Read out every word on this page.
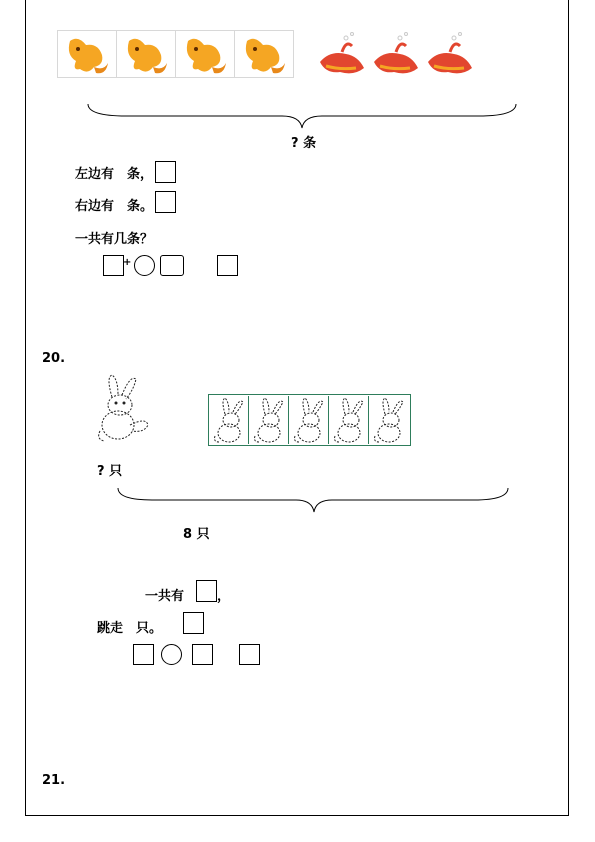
? 条
左边有　条，
右边有　条。
一共有几条？
+
20.
? 只
8 只
一共有	，
跳走　只。
21.
